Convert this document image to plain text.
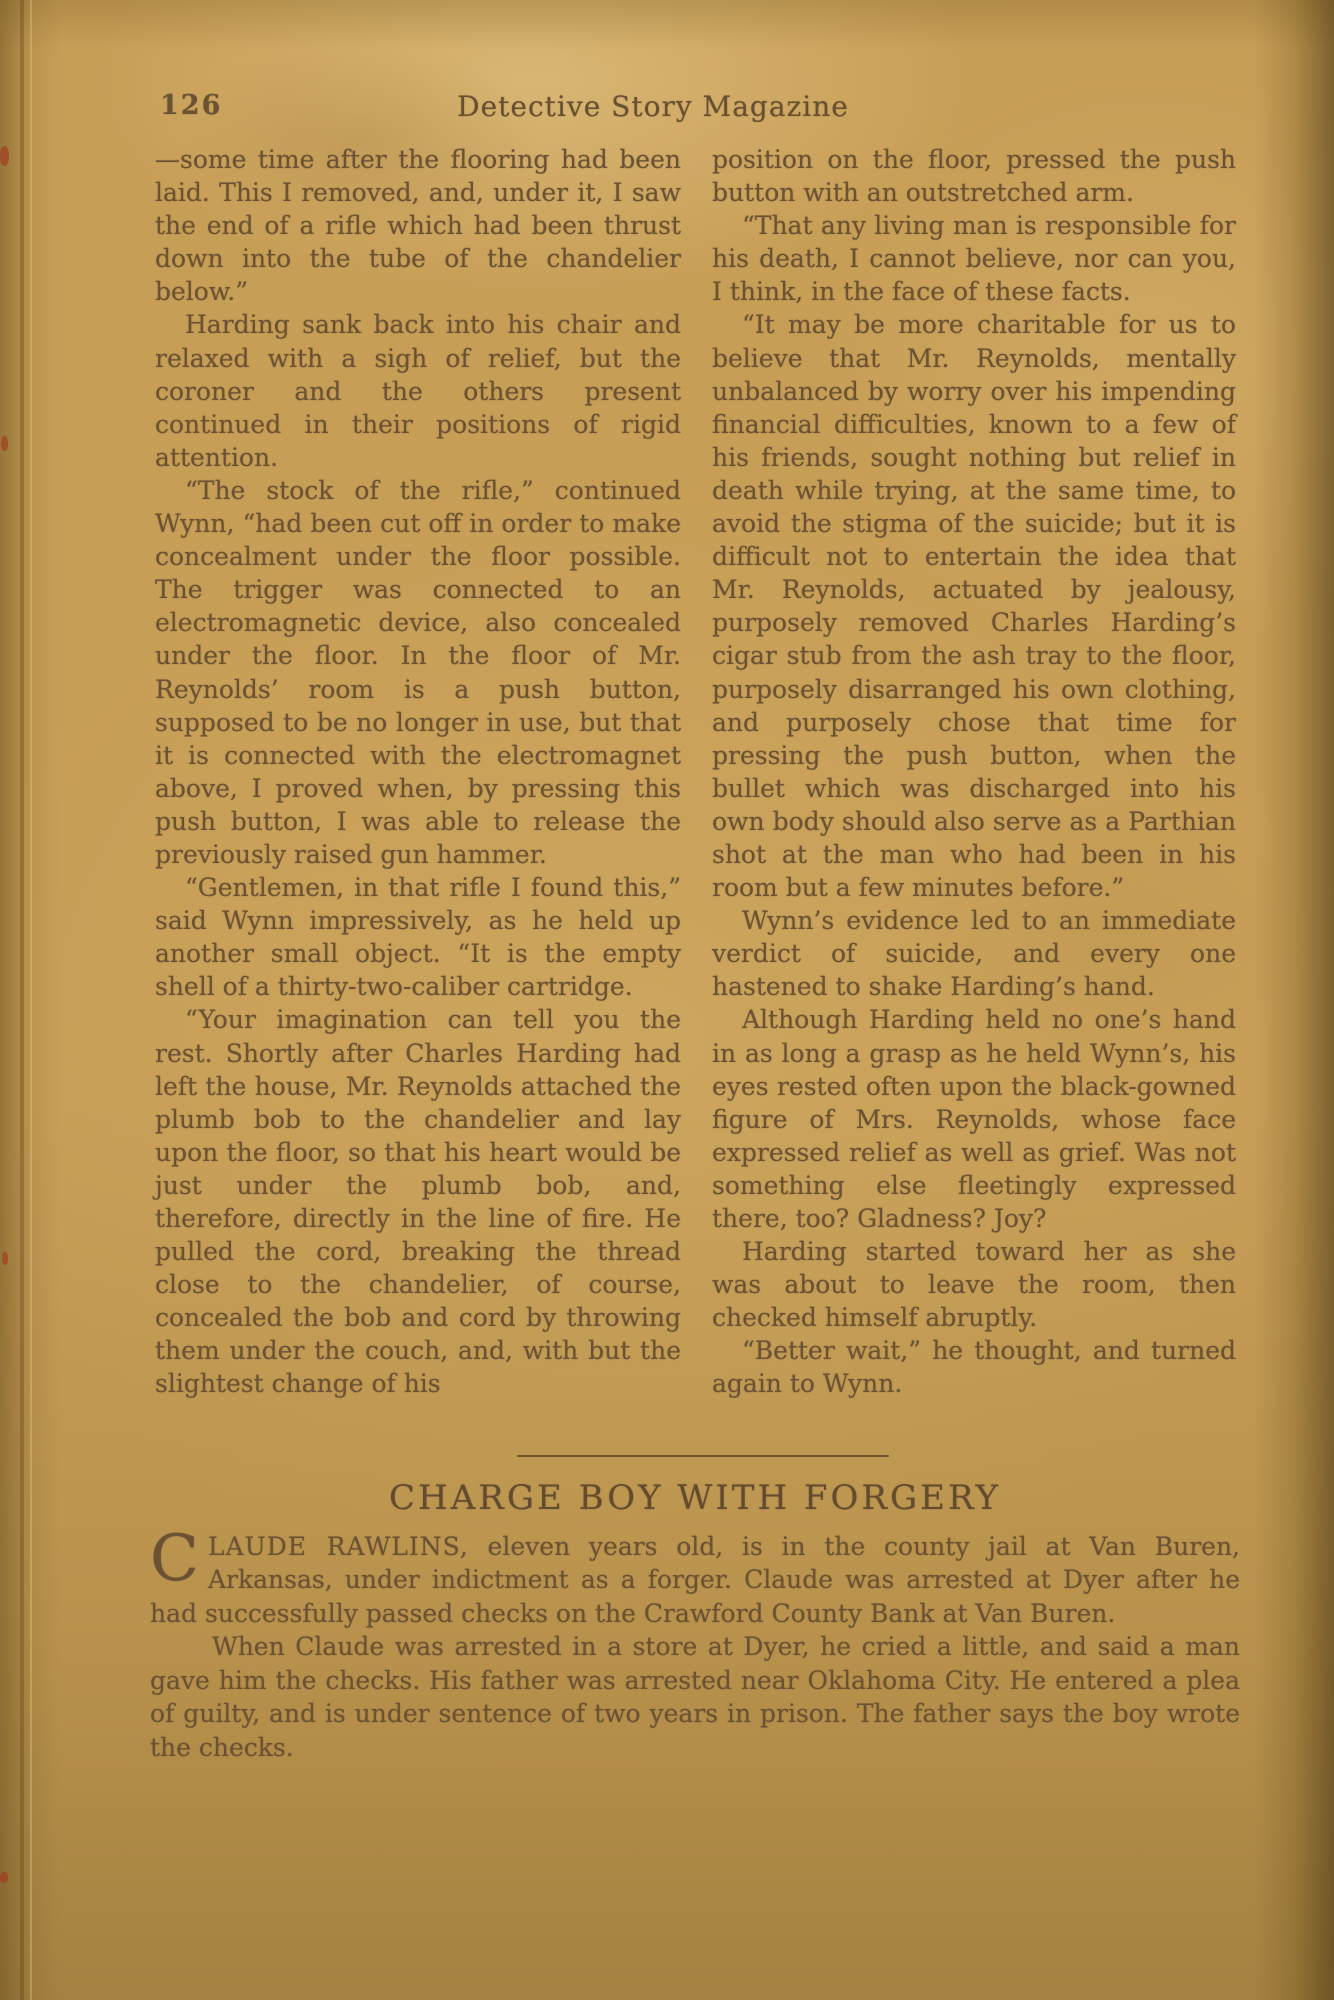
126	Detective Story Magazine

—some time after the flooring had been laid. This I removed, and, under it, I saw the end of a rifle which had been thrust down into the tube of the chandelier below.”

Harding sank back into his chair and relaxed with a sigh of relief, but the coroner and the others present continued in their positions of rigid attention.

“The stock of the rifle,” continued Wynn, “had been cut off in order to make concealment under the floor possible. The trigger was connected to an electromagnetic device, also concealed under the floor. In the floor of Mr. Reynolds’ room is a push button, supposed to be no longer in use, but that it is connected with the electromagnet above, I proved when, by pressing this push button, I was able to release the previously raised gun hammer.

“Gentlemen, in that rifle I found this,” said Wynn impressively, as he held up another small object. “It is the empty shell of a thirty-two-caliber cartridge.

“Your imagination can tell you the rest. Shortly after Charles Harding had left the house, Mr. Reynolds attached the plumb bob to the chandelier and lay upon the floor, so that his heart would be just under the plumb bob, and, therefore, directly in the line of fire. He pulled the cord, breaking the thread close to the chandelier, of course, concealed the bob and cord by throwing them under the couch, and, with but the slightest change of his

position on the floor, pressed the push button with an outstretched arm.

“That any living man is responsible for his death, I cannot believe, nor can you, I think, in the face of these facts.

“It may be more charitable for us to believe that Mr. Reynolds, mentally unbalanced by worry over his impending financial difficulties, known to a few of his friends, sought nothing but relief in death while trying, at the same time, to avoid the stigma of the suicide; but it is difficult not to entertain the idea that Mr. Reynolds, actuated by jealousy, purposely removed Charles Harding’s cigar stub from the ash tray to the floor, purposely disarranged his own clothing, and purposely chose that time for pressing the push button, when the bullet which was discharged into his own body should also serve as a Parthian shot at the man who had been in his room but a few minutes before.”

Wynn’s evidence led to an immediate verdict of suicide, and every one hastened to shake Harding’s hand.

Although Harding held no one’s hand in as long a grasp as he held Wynn’s, his eyes rested often upon the black-gowned figure of Mrs. Reynolds, whose face expressed relief as well as grief. Was not something else fleetingly expressed there, too? Gladness? Joy?

Harding started toward her as she was about to leave the room, then checked himself abruptly.

“Better wait,” he thought, and turned again to Wynn.

CHARGE BOY WITH FORGERY

CLAUDE RAWLINS, eleven years old, is in the county jail at Van Buren, Arkansas, under indictment as a forger. Claude was arrested at Dyer after he had successfully passed checks on the Crawford County Bank at Van Buren.

When Claude was arrested in a store at Dyer, he cried a little, and said a man gave him the checks. His father was arrested near Oklahoma City. He entered a plea of guilty, and is under sentence of two years in prison. The father says the boy wrote the checks.
